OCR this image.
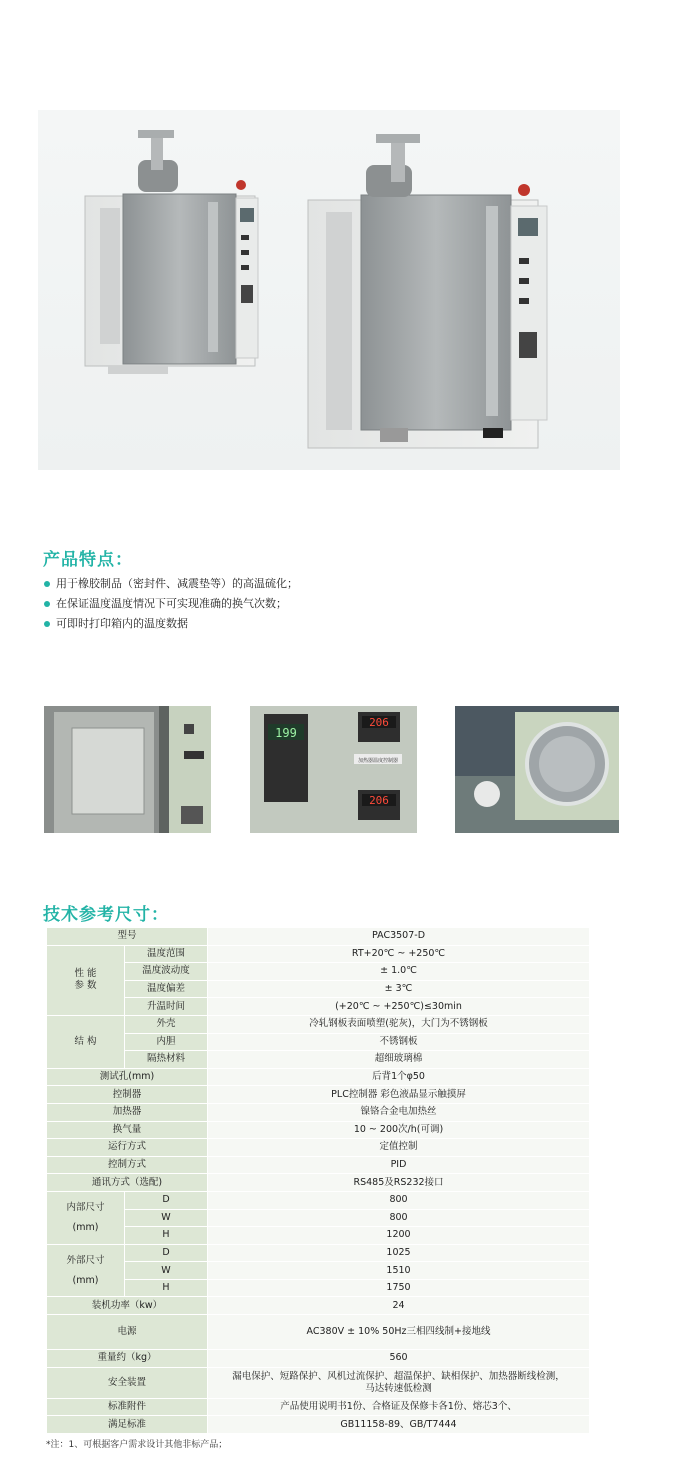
产品特点：
用于橡胶制品（密封件、减震垫等）的高温硫化；
在保证温度温度情况下可实现准确的换气次数；
可即时打印箱内的温度数据
199
206
加热器温度控制器
206
技术参考尺寸：
型号		PAC3507-D
性 能
参 数	温度范围	RT+20℃ ~ +250℃
	温度波动度	± 1.0℃
	温度偏差	± 3℃
	升温时间	(+20℃ ~ +250℃)≤30min
结 构	外壳	冷轧钢板表面喷塑(驼灰)，大门为不锈钢板
	内胆	不锈钢板
	隔热材料	超细玻璃棉
测试孔(mm)		后背1个φ50
控制器		PLC控制器 彩色液晶显示触摸屏
加热器		镍铬合金电加热丝
换气量		10 ~ 200次/h(可调)
运行方式		定值控制
控制方式		PID
通讯方式（选配)		RS485及RS232接口
内部尺寸
(mm)	D	800
	W	800
	H	1200
外部尺寸
(mm)	D	1025
	W	1510
	H	1750
装机功率（kw）		24
电源		AC380V ± 10% 50Hz三相四线制+接地线
重量约（kg）		560
安全装置		漏电保护、短路保护、风机过流保护、超温保护、缺相保护、加热器断线检测，
马达转速低检测
标准附件		产品使用说明书1份、合格证及保修卡各1份、熔芯3个、
满足标准		GB11158-89、GB/T7444
*注：1、可根据客户需求设计其他非标产品；
